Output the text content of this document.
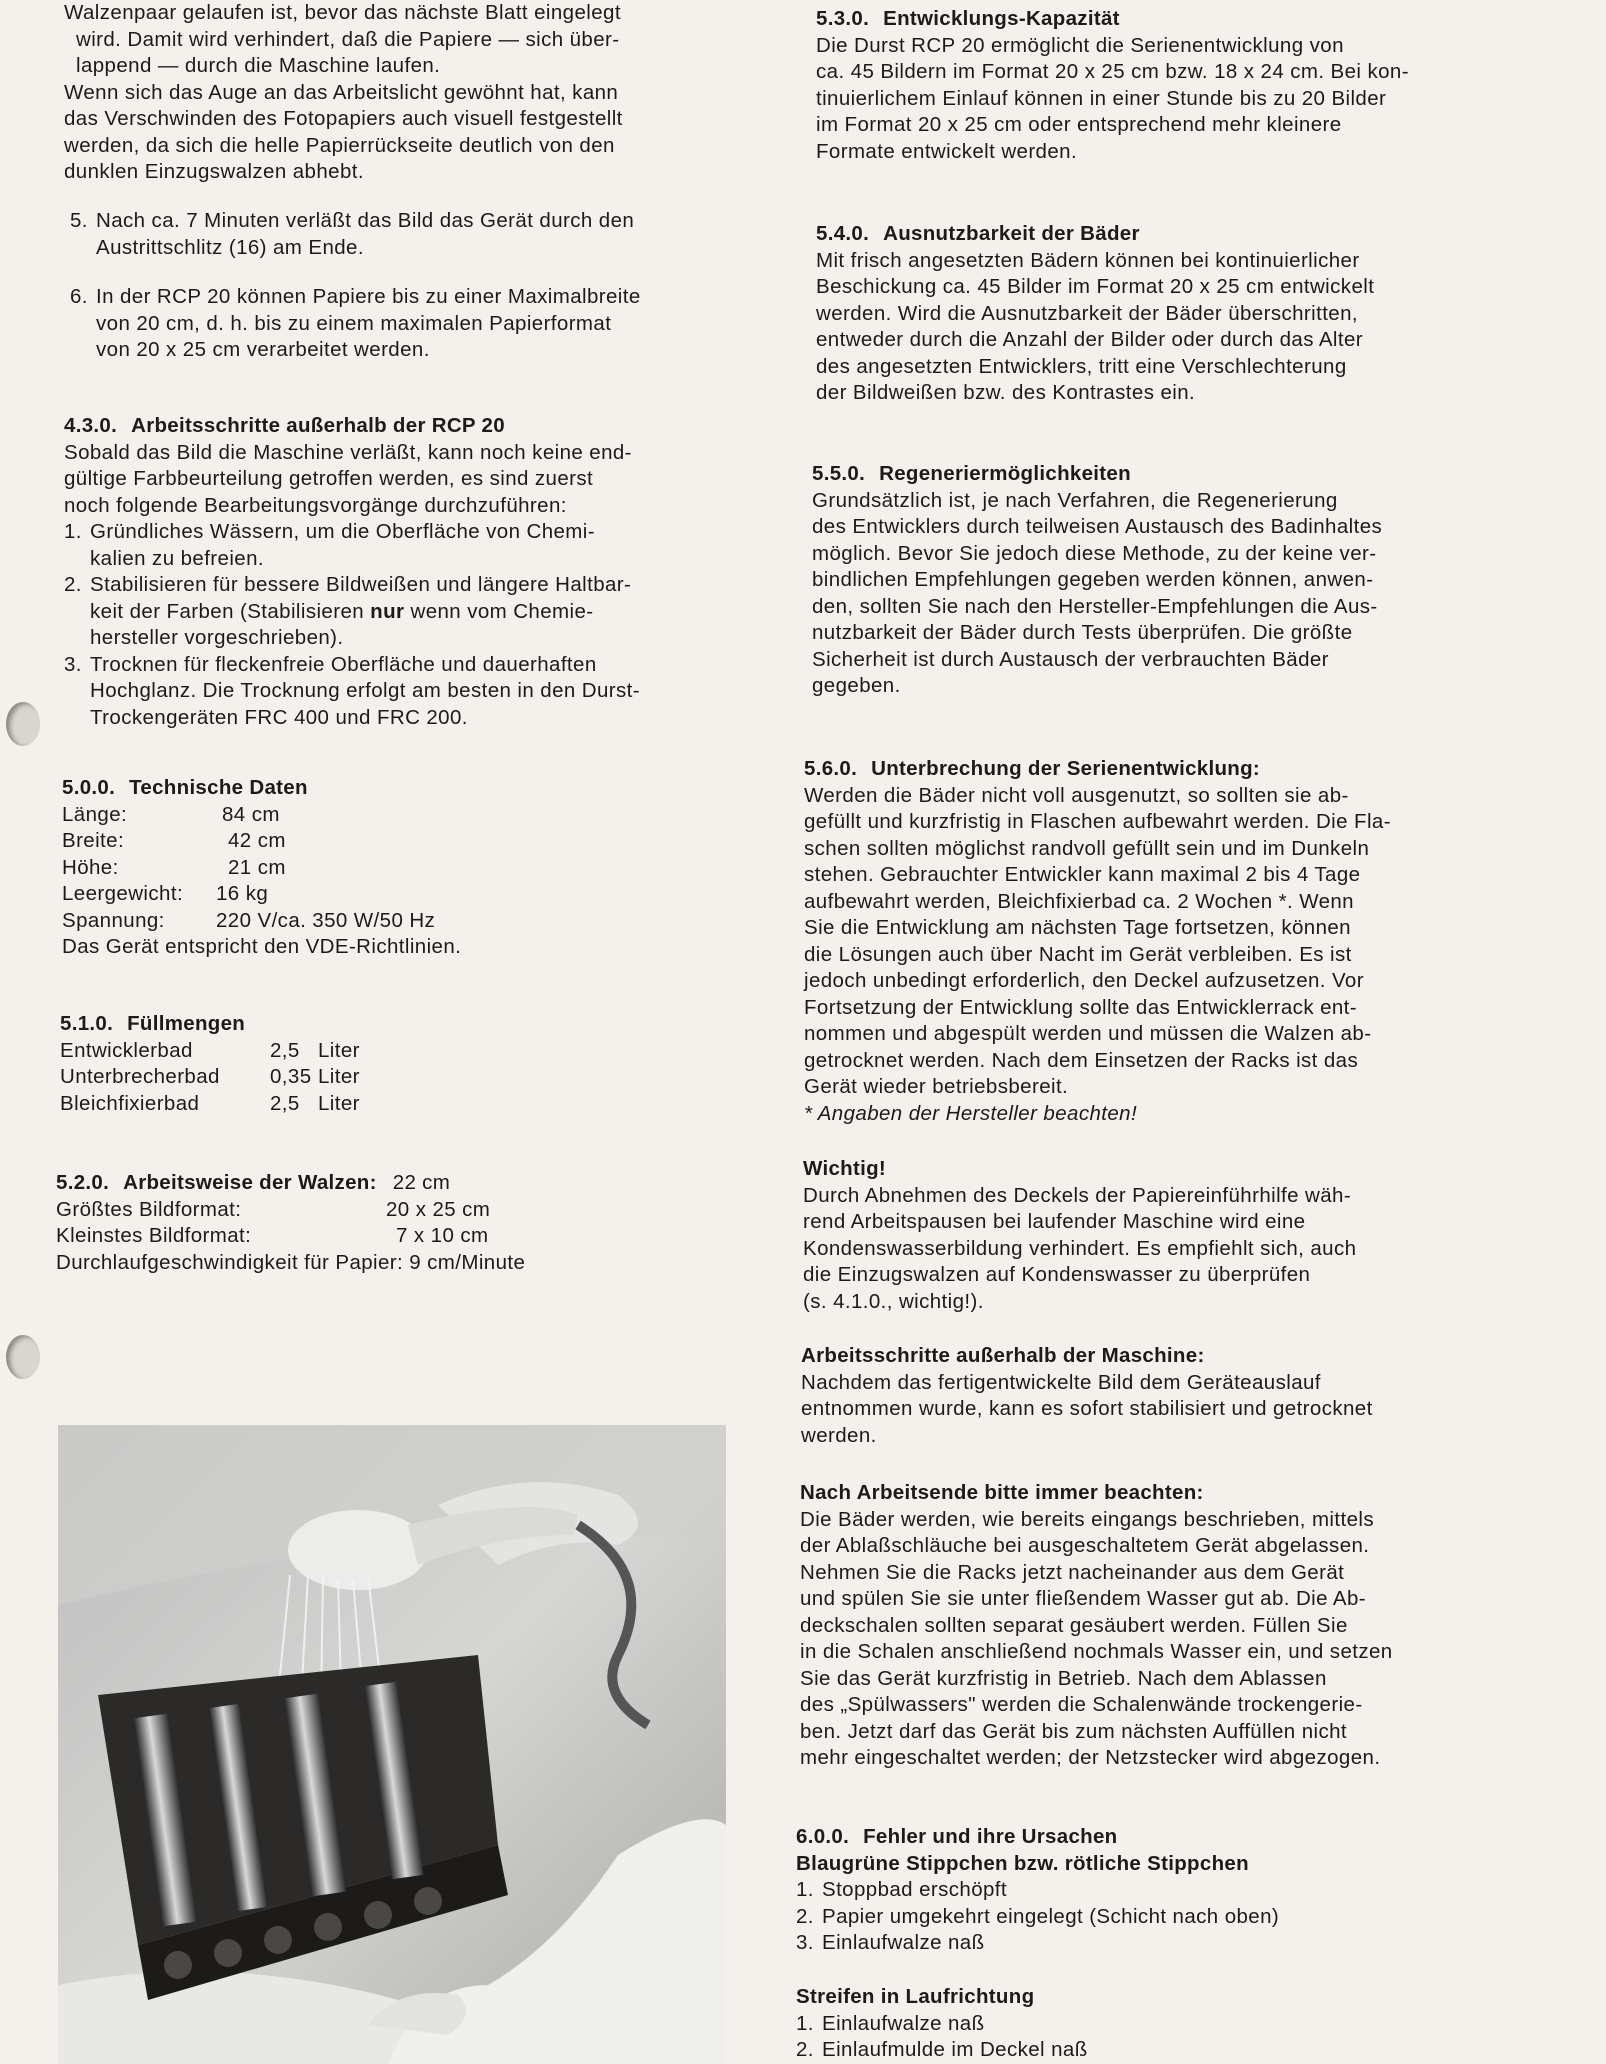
Walzenpaar gelaufen ist, bevor das nächste Blatt eingelegt
wird. Damit wird verhindert, daß die Papiere — sich über-
lappend — durch die Maschine laufen.
Wenn sich das Auge an das Arbeitslicht gewöhnt hat, kann
das Verschwinden des Fotopapiers auch visuell festgestellt
werden, da sich die helle Papierrückseite deutlich von den
dunklen Einzugswalzen abhebt.
5. Nach ca. 7 Minuten verläßt das Bild das Gerät durch den
Austrittschlitz (16) am Ende.
6. In der RCP 20 können Papiere bis zu einer Maximalbreite
von 20 cm, d. h. bis zu einem maximalen Papierformat
von 20 x 25 cm verarbeitet werden.
4.3.0. Arbeitsschritte außerhalb der RCP 20
Sobald das Bild die Maschine verläßt, kann noch keine end-
gültige Farbbeurteilung getroffen werden, es sind zuerst
noch folgende Bearbeitungsvorgänge durchzuführen:
1. Gründliches Wässern, um die Oberfläche von Chemi-
kalien zu befreien.
2. Stabilisieren für bessere Bildweißen und längere Haltbar-
keit der Farben (Stabilisieren nur wenn vom Chemie-
hersteller vorgeschrieben).
3. Trocknen für fleckenfreie Oberfläche und dauerhaften
Hochglanz. Die Trocknung erfolgt am besten in den Durst-
Trockengeräten FRC 400 und FRC 200.
5.0.0. Technische Daten
Länge:	84 cm
Breite:	42 cm
Höhe:	21 cm
Leergewicht:	16 kg
Spannung:	220 V/ca. 350 W/50 Hz
Das Gerät entspricht den VDE-Richtlinien.
5.1.0. Füllmengen
Entwicklerbad	2,5 Liter
Unterbrecherbad	0,35 Liter
Bleichfixierbad	2,5 Liter
5.2.0. Arbeitsweise der Walzen: 22 cm
Größtes Bildformat:	20 x 25 cm
Kleinstes Bildformat:	7 x 10 cm
Durchlaufgeschwindigkeit für Papier: 9 cm/Minute
5.3.0. Entwicklungs-Kapazität
Die Durst RCP 20 ermöglicht die Serienentwicklung von
ca. 45 Bildern im Format 20 x 25 cm bzw. 18 x 24 cm. Bei kon-
tinuierlichem Einlauf können in einer Stunde bis zu 20 Bilder
im Format 20 x 25 cm oder entsprechend mehr kleinere
Formate entwickelt werden.
5.4.0. Ausnutzbarkeit der Bäder
Mit frisch angesetzten Bädern können bei kontinuierlicher
Beschickung ca. 45 Bilder im Format 20 x 25 cm entwickelt
werden. Wird die Ausnutzbarkeit der Bäder überschritten,
entweder durch die Anzahl der Bilder oder durch das Alter
des angesetzten Entwicklers, tritt eine Verschlechterung
der Bildweißen bzw. des Kontrastes ein.
5.5.0. Regeneriermöglichkeiten
Grundsätzlich ist, je nach Verfahren, die Regenerierung
des Entwicklers durch teilweisen Austausch des Badinhaltes
möglich. Bevor Sie jedoch diese Methode, zu der keine ver-
bindlichen Empfehlungen gegeben werden können, anwen-
den, sollten Sie nach den Hersteller-Empfehlungen die Aus-
nutzbarkeit der Bäder durch Tests überprüfen. Die größte
Sicherheit ist durch Austausch der verbrauchten Bäder
gegeben.
5.6.0. Unterbrechung der Serienentwicklung:
Werden die Bäder nicht voll ausgenutzt, so sollten sie ab-
gefüllt und kurzfristig in Flaschen aufbewahrt werden. Die Fla-
schen sollten möglichst randvoll gefüllt sein und im Dunkeln
stehen. Gebrauchter Entwickler kann maximal 2 bis 4 Tage
aufbewahrt werden, Bleichfixierbad ca. 2 Wochen *. Wenn
Sie die Entwicklung am nächsten Tage fortsetzen, können
die Lösungen auch über Nacht im Gerät verbleiben. Es ist
jedoch unbedingt erforderlich, den Deckel aufzusetzen. Vor
Fortsetzung der Entwicklung sollte das Entwicklerrack ent-
nommen und abgespült werden und müssen die Walzen ab-
getrocknet werden. Nach dem Einsetzen der Racks ist das
Gerät wieder betriebsbereit.
* Angaben der Hersteller beachten!
Wichtig!
Durch Abnehmen des Deckels der Papiereinführhilfe wäh-
rend Arbeitspausen bei laufender Maschine wird eine
Kondenswasserbildung verhindert. Es empfiehlt sich, auch
die Einzugswalzen auf Kondenswasser zu überprüfen
(s. 4.1.0., wichtig!).
Arbeitsschritte außerhalb der Maschine:
Nachdem das fertigentwickelte Bild dem Geräteauslauf
entnommen wurde, kann es sofort stabilisiert und getrocknet
werden.
Nach Arbeitsende bitte immer beachten:
Die Bäder werden, wie bereits eingangs beschrieben, mittels
der Ablaßschläuche bei ausgeschaltetem Gerät abgelassen.
Nehmen Sie die Racks jetzt nacheinander aus dem Gerät
und spülen Sie sie unter fließendem Wasser gut ab. Die Ab-
deckschalen sollten separat gesäubert werden. Füllen Sie
in die Schalen anschließend nochmals Wasser ein, und setzen
Sie das Gerät kurzfristig in Betrieb. Nach dem Ablassen
des „Spülwassers" werden die Schalenwände trockengerie-
ben. Jetzt darf das Gerät bis zum nächsten Auffüllen nicht
mehr eingeschaltet werden; der Netzstecker wird abgezogen.
6.0.0. Fehler und ihre Ursachen
Blaugrüne Stippchen bzw. rötliche Stippchen
1. Stoppbad erschöpft
2. Papier umgekehrt eingelegt (Schicht nach oben)
3. Einlaufwalze naß
Streifen in Laufrichtung
1. Einlaufwalze naß
2. Einlaufmulde im Deckel naß
